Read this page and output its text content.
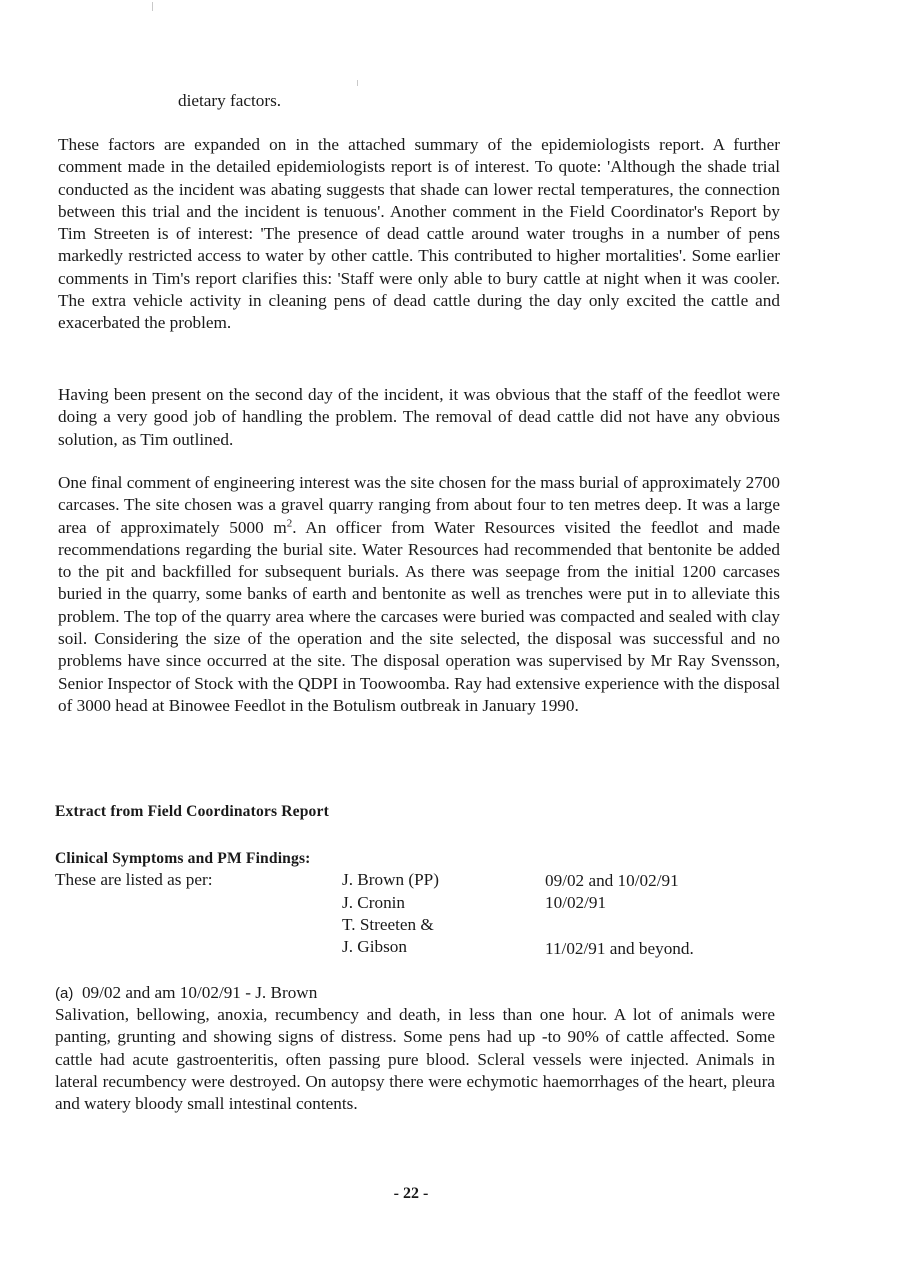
dietary factors.

These factors are expanded on in the attached summary of the epidemiologists report. A further comment made in the detailed epidemiologists report is of interest. To quote: 'Although the shade trial conducted as the incident was abating suggests that shade can lower rectal temperatures, the connection between this trial and the incident is tenuous'. Another comment in the Field Coordinator's Report by Tim Streeten is of interest: 'The presence of dead cattle around water troughs in a number of pens markedly restricted access to water by other cattle. This contributed to higher mortalities'. Some earlier comments in Tim's report clarifies this: 'Staff were only able to bury cattle at night when it was cooler. The extra vehicle activity in cleaning pens of dead cattle during the day only excited the cattle and exacerbated the problem.

Having been present on the second day of the incident, it was obvious that the staff of the feedlot were doing a very good job of handling the problem. The removal of dead cattle did not have any obvious solution, as Tim outlined.

One final comment of engineering interest was the site chosen for the mass burial of approximately 2700 carcases. The site chosen was a gravel quarry ranging from about four to ten metres deep. It was a large area of approximately 5000 $m^2$. An officer from Water Resources visited the feedlot and made recommendations regarding the burial site. Water Resources had recommended that bentonite be added to the pit and backfilled for subsequent burials. As there was seepage from the initial 1200 carcases buried in the quarry, some banks of earth and bentonite as well as trenches were put in to alleviate this problem. The top of the quarry area where the carcases were buried was compacted and sealed with clay soil. Considering the size of the operation and the site selected, the disposal was successful and no problems have since occurred at the site. The disposal operation was supervised by Mr Ray Svensson, Senior Inspector of Stock with the QDPI in Toowoomba. Ray had extensive experience with the disposal of 3000 head at Binowee Feedlot in the Botulism outbreak in January 1990.

Extract from Field Coordinators Report
Clinical Symptoms and PM Findings:
These are listed as per:	J. Brown (PP)	09/02 and 10/02/91
J. Cronin	10/02/91
T. Streeten &
J. Gibson	11/02/91 and beyond.
(a) 09/02 and am 10/02/91 - J. Brown

Salivation, bellowing, anoxia, recumbency and death, in less than one hour. A lot of animals were panting, grunting and showing signs of distress. Some pens had up -to 90% of cattle affected. Some cattle had acute gastroenteritis, often passing pure blood. Scleral vessels were injected. Animals in lateral recumbency were destroyed. On autopsy there were echymotic haemorrhages of the heart, pleura and watery bloody small intestinal contents.

- 22 -
